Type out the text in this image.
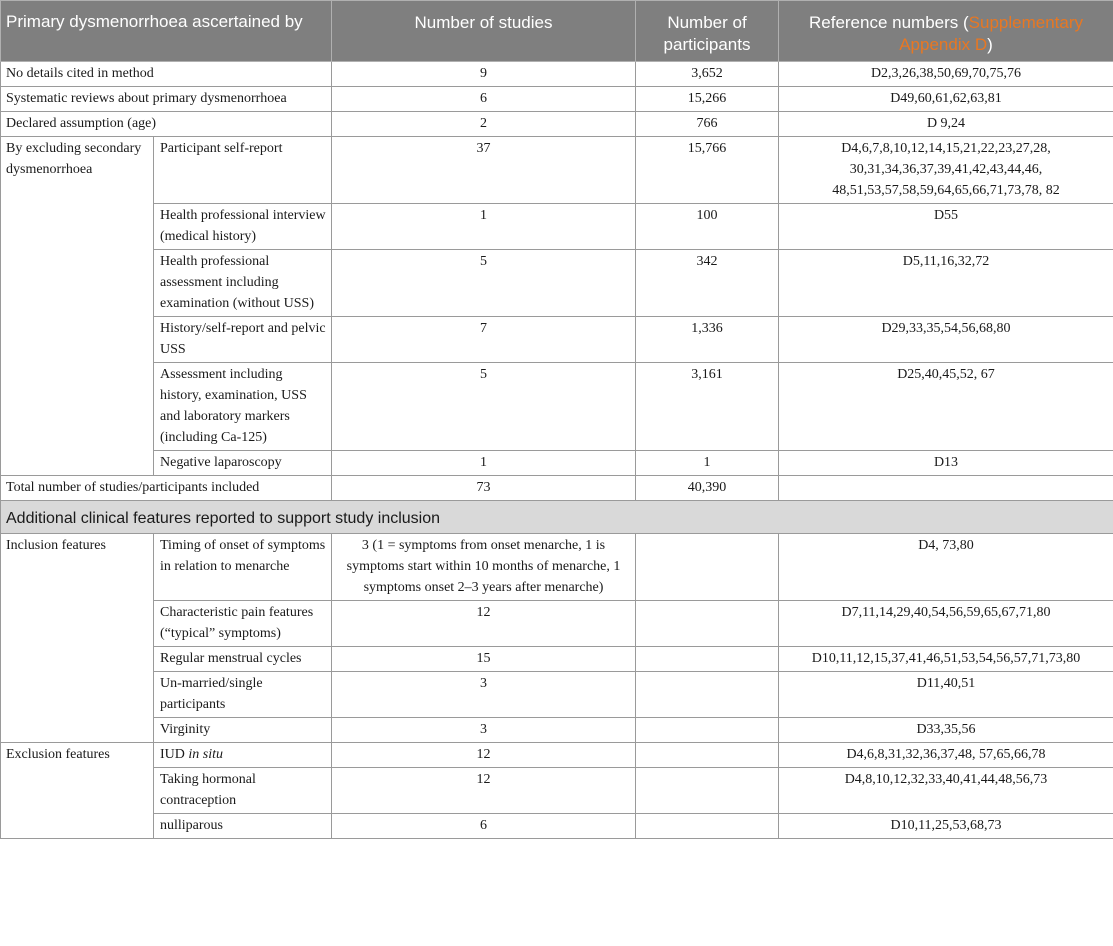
Primary dysmenorrhoea ascertained by		Number of studies	Number of participants	Reference numbers (Supplementary Appendix D)
No details cited in method		9	3,652	D2,3,26,38,50,69,70,75,76
Systematic reviews about primary dysmenorrhoea		6	15,266	D49,60,61,62,63,81
Declared assumption (age)		2	766	D 9,24
By excluding secondary dysmenorrhoea	Participant self-report	37	15,766	D4,6,7,8,10,12,14,15,21,22,23,27,28, 30,31,34,36,37,39,41,42,43,44,46, 48,51,53,57,58,59,64,65,66,71,73,78, 82
	Health professional interview (medical history)	1	100	D55
	Health professional assessment including examination (without USS)	5	342	D5,11,16,32,72
	History/self-report and pelvic USS	7	1,336	D29,33,35,54,56,68,80
	Assessment including history, examination, USS and laboratory markers (including Ca-125)	5	3,161	D25,40,45,52, 67
	Negative laparoscopy	1	1	D13
Total number of studies/participants included		73	40,390	
Additional clinical features reported to support study inclusion				
Inclusion features	Timing of onset of symptoms in relation to menarche	3 (1 = symptoms from onset menarche, 1 is symptoms start within 10 months of menarche, 1 symptoms onset 2–3 years after menarche)		D4, 73,80
	Characteristic pain features (“typical” symptoms)	12		D7,11,14,29,40,54,56,59,65,67,71,80
	Regular menstrual cycles	15		D10,11,12,15,37,41,46,51,53,54,56,57,71,73,80
	Un-married/single participants	3		D11,40,51
	Virginity	3		D33,35,56
Exclusion features	IUD in situ	12		D4,6,8,31,32,36,37,48, 57,65,66,78
	Taking hormonal contraception	12		D4,8,10,12,32,33,40,41,44,48,56,73
	nulliparous	6		D10,11,25,53,68,73
